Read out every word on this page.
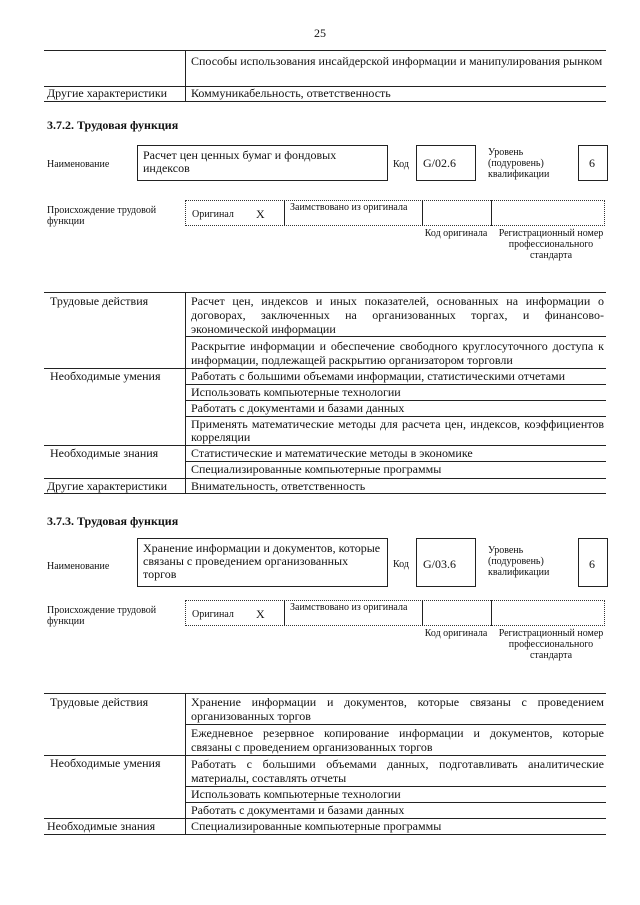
25
Способы использования инсайдерской информации и манипулирования рынком
Другие характеристики	Коммуникабельность, ответственность
3.7.2. Трудовая функция
Наименование
Расчет цен ценных бумаг и фондовых индексов	Код G/02.6
Уровень (подуровень) квалификации
6
Происхождение трудовой функции
Оригинал X	Заимствовано из оригинала
Код оригинала Регистрационный номер профессионального стандарта
Трудовые действия	Расчет цен, индексов и иных показателей, основанных на информации о договорах, заключенных на организованных торгах, и финансово-экономической информации
Раскрытие информации и обеспечение свободного круглосуточного доступа к информации, подлежащей раскрытию организатором торговли
Необходимые умения	Работать с большими объемами информации, статистическими отчетами
Использовать компьютерные технологии
Работать с документами и базами данных
Применять математические методы для расчета цен, индексов, коэффициентов корреляции
Необходимые знания	Статистические и математические методы в экономике
Специализированные компьютерные программы
Другие характеристики Внимательность, ответственность
3.7.3. Трудовая функция
Наименование
Хранение информации и документов, которые связаны с проведением организованных торгов
Код G/03.6
Уровень (подуровень) квалификации
6
Происхождение трудовой функции
Оригинал X	Заимствовано из оригинала
Код оригинала Регистрационный номер профессионального стандарта
Трудовые действия	Хранение информации и документов, которые связаны с проведением организованных торгов
Ежедневное резервное копирование информации и документов, которые связаны с проведением организованных торгов
Необходимые умения	Работать с большими объемами данных, подготавливать аналитические материалы, составлять отчеты
Использовать компьютерные технологии
Работать с документами и базами данных
Необходимые знания	Специализированные компьютерные программы
